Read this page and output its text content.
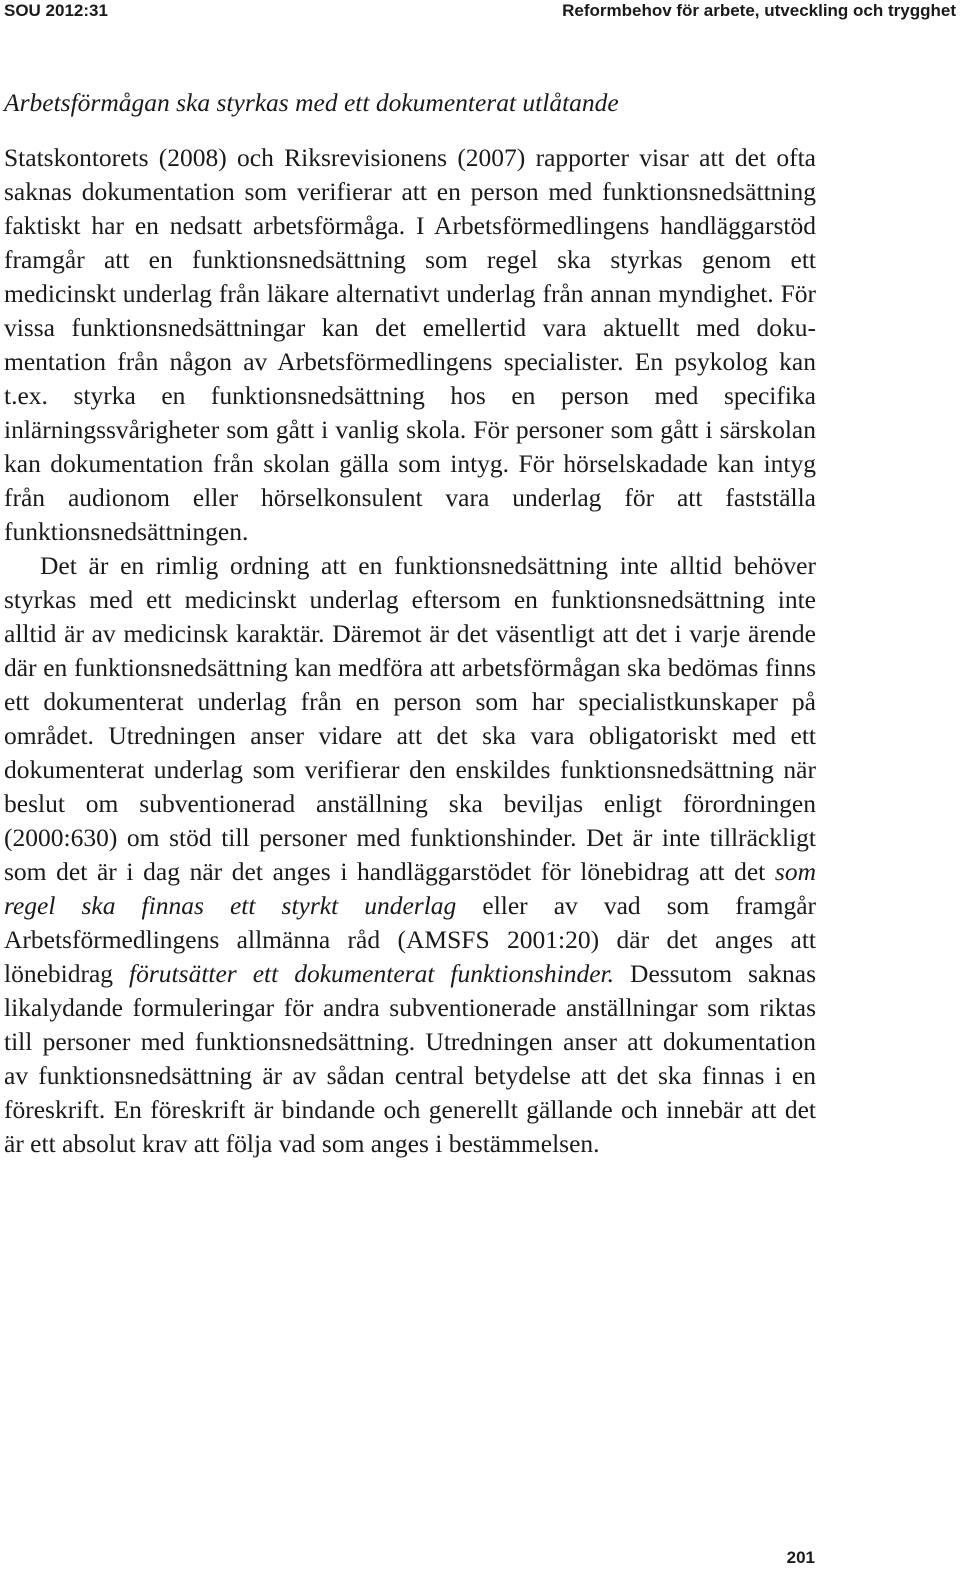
SOU 2012:31	Reformbehov för arbete, utveckling och trygghet
Arbetsförmågan ska styrkas med ett dokumenterat utlåtande

Statskontorets (2008) och Riksrevisionens (2007) rapporter visar att det ofta saknas dokumentation som verifierar att en person med funktionsnedsättning faktiskt har en nedsatt arbetsförmåga. I Arbetsförmedlingens handläggarstöd framgår att en funktionsnedsättning som regel ska styrkas genom ett medicinskt underlag från läkare alternativt underlag från annan myndighet. För vissa funktionsnedsättningar kan det emellertid vara aktuellt med dokumentation från någon av Arbetsförmedlingens specialister. En psykolog kan t.ex. styrka en funktionsnedsättning hos en person med specifika inlärningssvårigheter som gått i vanlig skola. För personer som gått i särskolan kan dokumentation från skolan gälla som intyg. För hörselskadade kan intyg från audionom eller hörselkonsulent vara underlag för att fastställa funktionsnedsättningen.

Det är en rimlig ordning att en funktionsnedsättning inte alltid behöver styrkas med ett medicinskt underlag eftersom en funktionsnedsättning inte alltid är av medicinsk karaktär. Däremot är det väsentligt att det i varje ärende där en funktionsnedsättning kan medföra att arbetsförmågan ska bedömas finns ett dokumenterat underlag från en person som har specialistkunskaper på området. Utredningen anser vidare att det ska vara obligatoriskt med ett dokumenterat underlag som verifierar den enskildes funktionsnedsättning när beslut om subventionerad anställning ska beviljas enligt förordningen (2000:630) om stöd till personer med funktionshinder. Det är inte tillräckligt som det är i dag när det anges i handläggarstödet för lönebidrag att det som regel ska finnas ett styrkt underlag eller av vad som framgår Arbetsförmedlingens allmänna råd (AMSFS 2001:20) där det anges att lönebidrag förutsätter ett dokumenterat funktionshinder. Dessutom saknas likalydande formuleringar för andra subventionerade anställningar som riktas till personer med funktionsnedsättning. Utredningen anser att dokumentation av funktionsnedsättning är av sådan central betydelse att det ska finnas i en föreskrift. En föreskrift är bindande och generellt gällande och innebär att det är ett absolut krav att följa vad som anges i bestämmelsen.

201
